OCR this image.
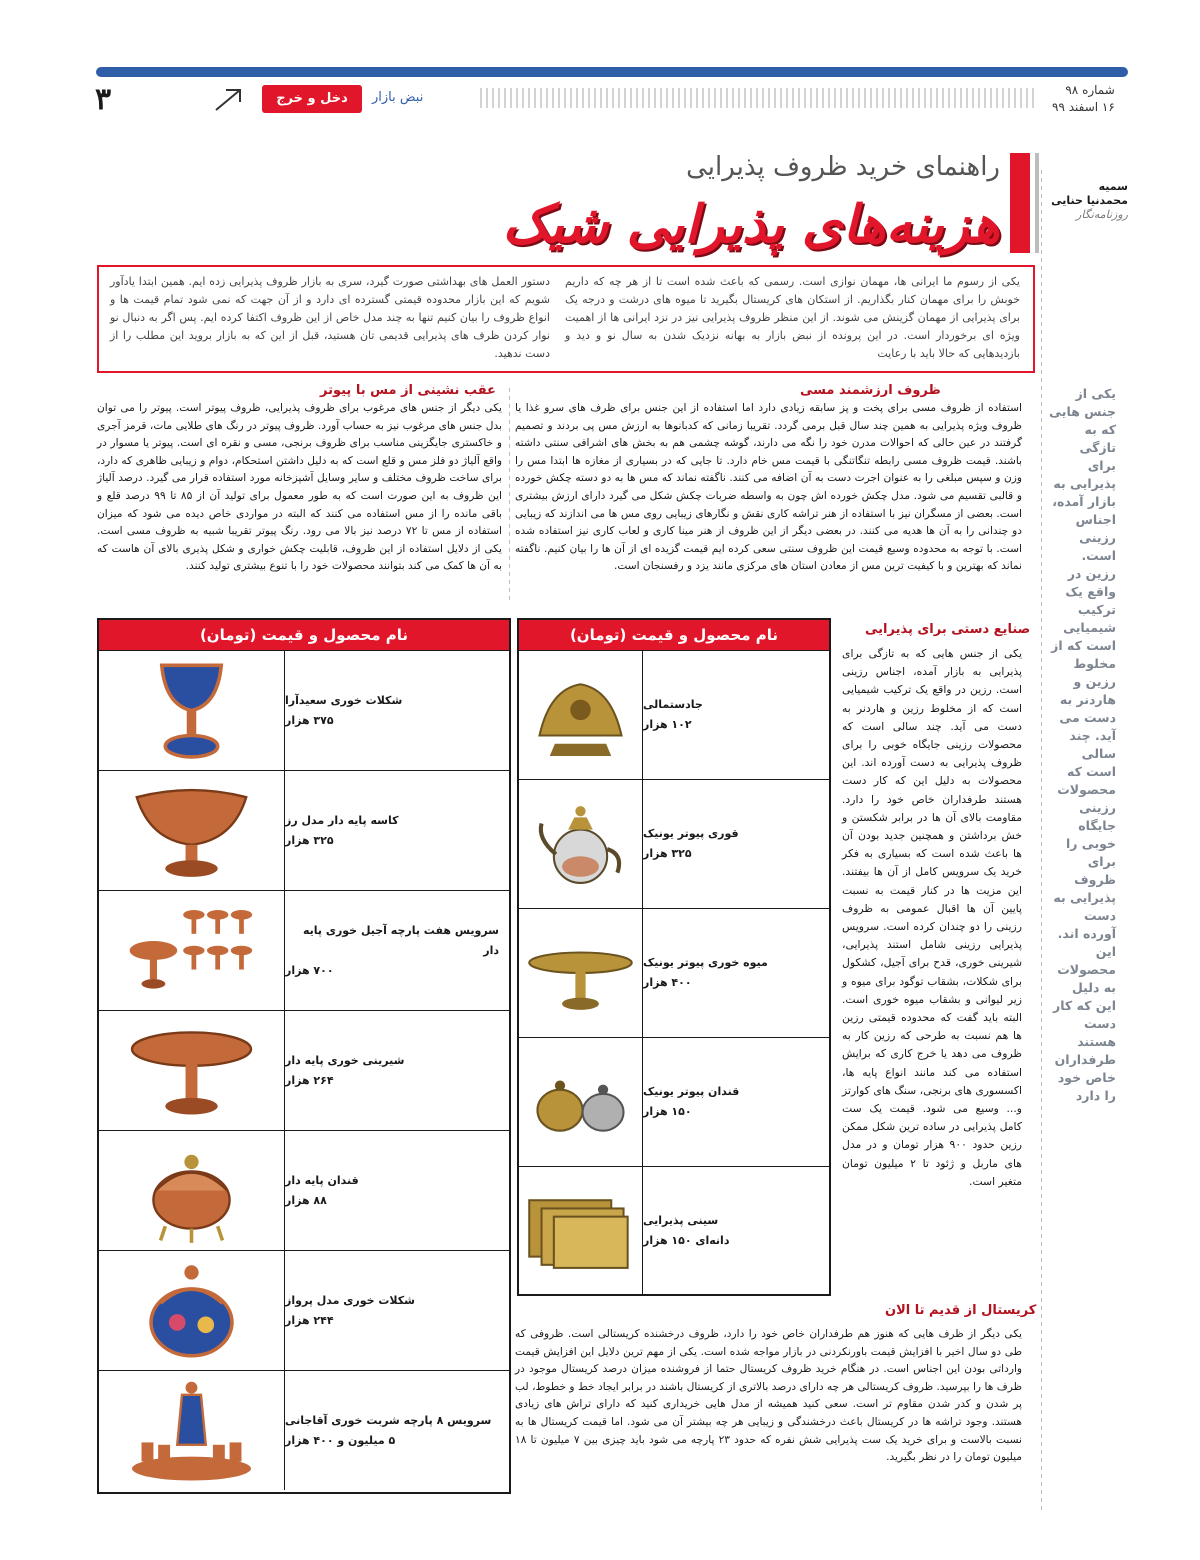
۳	دخل و خرج	نبض بازار	شماره ۹۸
۱۶ اسفند ۹۹
سمیه
محمدنیا حنایی
روزنامه‌نگار
راهنمای خرید ظروف پذیرایی
هزینه‌های پذیرایی شیک
یکی از رسوم ما ایرانی ها، مهمان نوازی است. رسمی که باعث شده است تا از هر چه که داریم خوبش را برای مهمان کنار بگذاریم. از استکان های کریستال بگیرید تا میوه های درشت و درجه یک برای پذیرایی از مهمان گزینش می شوند. از این منظر ظروف پذیرایی نیز در نزد ایرانی ها از اهمیت ویژه ای برخوردار است. در این پرونده از نبض بازار به بهانه نزدیک شدن به سال نو و دید و بازدیدهایی که حالا باید با رعایت
دستور العمل های بهداشتی صورت گیرد، سری به بازار ظروف پذیرایی زده ایم. همین ابتدا یادآور شویم که این بازار محدوده قیمتی گسترده ای دارد و از آن جهت که نمی شود تمام قیمت ها و انواع ظروف را بیان کنیم تنها به چند مدل خاص از این ظروف اکتفا کرده ایم. پس اگر به دنبال نو نوار کردن ظرف های پذیرایی قدیمی تان هستید، قبل از این که به بازار بروید این مطلب را از دست ندهید.
یکی از جنس هایی که به تازگی برای پذیرایی به بازار آمده، اجناس رزینی است. رزین در واقع یک ترکیب شیمیایی است که از مخلوط رزین و هاردنر به دست می آید. چند سالی است که محصولات رزینی جایگاه خوبی را برای ظروف پذیرایی به دست آورده اند. این محصولات به دلیل این که کار دست هستند طرفداران خاص خود را دارد
ظروف ارزشمند مسی
استفاده از ظروف مسی برای پخت و پز سابقه زیادی دارد اما استفاده از این جنس برای ظرف های سرو غذا یا ظروف ویژه پذیرایی به همین چند سال قبل برمی گردد. تقریبا زمانی که کدبانوها به ارزش مس پی بردند و تصمیم گرفتند در عین حالی که احوالات مدرن خود را نگه می دارند، گوشه چشمی هم به بخش های اشرافی سنتی داشته باشند. قیمت ظروف مسی رابطه تنگاتنگی با قیمت مس خام دارد. تا جایی که در بسیاری از مغازه ها ابتدا مس را وزن و سپس مبلغی را به عنوان اجرت دست به آن اضافه می کنند. ناگفته نماند که مس ها به دو دسته چکش خورده و قالبی تقسیم می شود. مدل چکش خورده اش چون به واسطه ضربات چکش شکل می گیرد دارای ارزش بیشتری است. بعضی از مسگران نیز با استفاده از هنر تراشه کاری نقش و نگارهای زیبایی روی مس ها می اندازند که زیبایی دو چندانی را به آن ها هدیه می کنند. در بعضی دیگر از این ظروف از هنر مینا کاری و لعاب کاری نیز استفاده شده است. با توجه به محدوده وسیع قیمت این ظروف سنتی سعی کرده ایم قیمت گزیده ای از آن ها را بیان کنیم. ناگفته نماند که بهترین و با کیفیت ترین مس از معادن استان های مرکزی مانند یزد و رفسنجان است.
عقب نشینی از مس با پیوتر
یکی دیگر از جنس های مرغوب برای ظروف پذیرایی، ظروف پیوتر است. پیوتر را می توان بدل جنس های مرغوب نیز به حساب آورد. ظروف پیوتر در رنگ های طلایی مات، قرمز آجری و خاکستری جایگزینی مناسب برای ظروف برنجی، مسی و نقره ای است. پیوتر یا مسوار در واقع آلیاژ دو فلز مس و قلع است که به دلیل داشتن استحکام، دوام و زیبایی ظاهری که دارد، برای ساخت ظروف مختلف و سایر وسایل آشپزخانه مورد استفاده قرار می گیرد. درصد آلیاژ این ظروف به این صورت است که به طور معمول برای تولید آن از ۸۵ تا ۹۹ درصد قلع و باقی مانده را از مس استفاده می کنند که البته در مواردی خاص دیده می شود که میزان استفاده از مس تا ۷۲ درصد نیز بالا می رود. رنگ پیوتر تقریبا شبیه به ظروف مسی است. یکی از دلایل استفاده از این ظروف، قابلیت چکش خواری و شکل پذیری بالای آن هاست که به آن ها کمک می کند بتوانند محصولات خود را با تنوع بیشتری تولید کنند.
صنایع دستی برای پذیرایی
یکی از جنس هایی که به تازگی برای پذیرایی به بازار آمده، اجناس رزینی است. رزین در واقع یک ترکیب شیمیایی است که از مخلوط رزین و هاردنر به دست می آید. چند سالی است که محصولات رزینی جایگاه خوبی را برای ظروف پذیرایی به دست آورده اند. این محصولات به دلیل این که کار دست هستند طرفداران خاص خود را دارد. مقاومت بالای آن ها در برابر شکستن و خش برداشتن و همچنین جدید بودن آن ها باعث شده است که بسیاری به فکر خرید یک سرویس کامل از آن ها بیفتند. این مزیت ها در کنار قیمت به نسبت پایین آن ها اقبال عمومی به ظروف رزینی را دو چندان کرده است. سرویس پذیرایی رزینی شامل استند پذیرایی، شیرینی خوری، قدح برای آجیل، کشکول برای شکلات، بشقاب توگود برای میوه و زیر لیوانی و بشقاب میوه خوری است. البته باید گفت که محدوده قیمتی رزین ها هم نسبت به طرحی که رزین کار به ظروف می دهد یا خرج کاری که برایش استفاده می کند مانند انواع پایه ها، اکسسوری های برنجی، سنگ های کوارتز و... وسیع می شود. قیمت یک ست کامل پذیرایی در ساده ترین شکل ممکن رزین حدود ۹۰۰ هزار تومان و در مدل های ماربل و ژئود تا ۲ میلیون تومان متغیر است.
کریستال از قدیم تا الان
یکی دیگر از ظرف هایی که هنوز هم طرفداران خاص خود را دارد، ظروف درخشنده کریستالی است. ظروفی که طی دو سال اخیر با افزایش قیمت باورنکردنی در بازار مواجه شده است. یکی از مهم ترین دلایل این افزایش قیمت وارداتی بودن این اجناس است. در هنگام خرید ظروف کریستال حتما از فروشنده میزان درصد کریستال موجود در ظرف ها را بپرسید. ظروف کریستالی هر چه دارای درصد بالاتری از کریستال باشند در برابر ایجاد خط و خطوط، لب پر شدن و کدر شدن مقاوم تر است. سعی کنید همیشه از مدل هایی خریداری کنید که دارای تراش های زیادی هستند. وجود تراشه ها در کریستال باعث درخشندگی و زیبایی هر چه بیشتر آن می شود. اما قیمت کریستال ها به نسبت بالاست و برای خرید یک ست پذیرایی شش نفره که حدود ۲۳ پارچه می شود باید چیزی بین ۷ میلیون تا ۱۸ میلیون تومان را در نظر بگیرید.
نام محصول و قیمت (تومان)
جادستمالی
۱۰۲ هزار
قوری پیوتر یونیک
۳۲۵ هزار
میوه خوری پیوتر یونیک
۴۰۰ هزار
قندان پیوتر یونیک
۱۵۰ هزار
سینی پذیرایی
دانه‌ای ۱۵۰ هزار
نام محصول و قیمت (تومان)
شکلات خوری سعیدآرا
۳۷۵ هزار
کاسه پایه دار مدل رز
۳۲۵ هزار
سرویس هفت پارچه آجیل خوری پایه دار
۷۰۰ هزار
شیرینی خوری پایه دار
۲۶۴ هزار
قندان پایه دار
۸۸ هزار
شکلات خوری مدل پرواز
۲۴۴ هزار
سرویس ۸ پارچه شربت خوری آقاجانی
۵ میلیون و ۴۰۰ هزار
